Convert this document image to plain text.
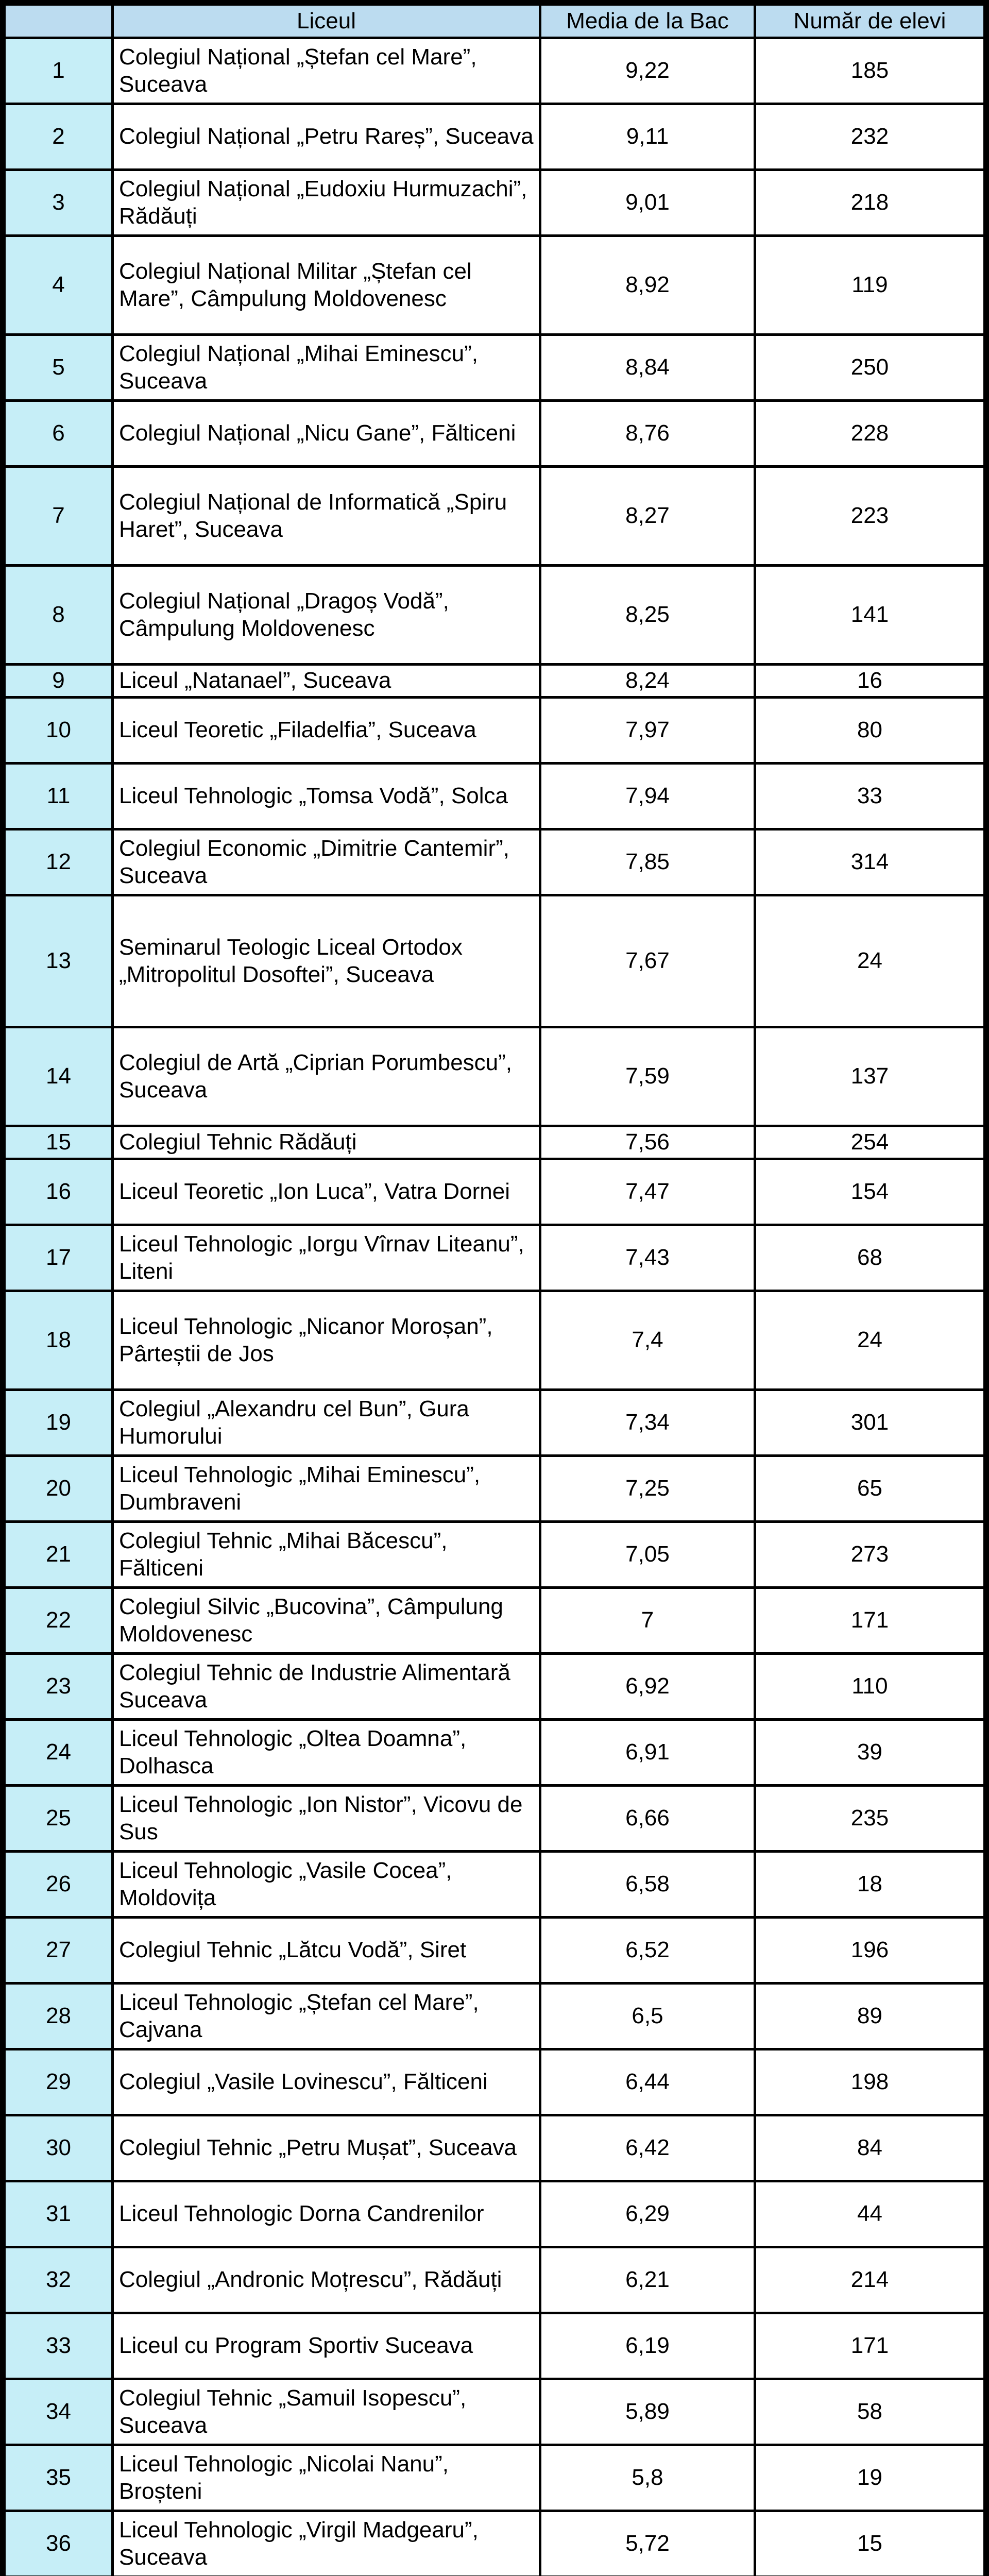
	Liceul	Media de la Bac	Număr de elevi
1	Colegiul Național „Ștefan cel Mare”, Suceava	9,22	185
2	Colegiul Național „Petru Rareș”, Suceava	9,11	232
3	Colegiul Național „Eudoxiu Hurmuzachi”, Rădăuți	9,01	218
4	Colegiul Național Militar „Ștefan cel Mare”, Câmpulung Moldovenesc	8,92	119
5	Colegiul Național „Mihai Eminescu”, Suceava	8,84	250
6	Colegiul Național „Nicu Gane”, Fălticeni	8,76	228
7	Colegiul Național de Informatică „Spiru Haret”, Suceava	8,27	223
8	Colegiul Național „Dragoș Vodă”, Câmpulung Moldovenesc	8,25	141
9	Liceul „Natanael”, Suceava	8,24	16
10	Liceul Teoretic „Filadelfia”, Suceava	7,97	80
11	Liceul Tehnologic „Tomsa Vodă”, Solca	7,94	33
12	Colegiul Economic „Dimitrie Cantemir”, Suceava	7,85	314
13	Seminarul Teologic Liceal Ortodox „Mitropolitul Dosoftei”, Suceava	7,67	24
14	Colegiul de Artă „Ciprian Porumbescu”, Suceava	7,59	137
15	Colegiul Tehnic Rădăuți	7,56	254
16	Liceul Teoretic „Ion Luca”, Vatra Dornei	7,47	154
17	Liceul Tehnologic „Iorgu Vîrnav Liteanu”, Liteni	7,43	68
18	Liceul Tehnologic „Nicanor Moroșan”, Pârteștii de Jos	7,4	24
19	Colegiul „Alexandru cel Bun”, Gura Humorului	7,34	301
20	Liceul Tehnologic „Mihai Eminescu”, Dumbraveni	7,25	65
21	Colegiul Tehnic „Mihai Băcescu”, Fălticeni	7,05	273
22	Colegiul Silvic „Bucovina”, Câmpulung Moldovenesc	7	171
23	Colegiul Tehnic de Industrie Alimentară Suceava	6,92	110
24	Liceul Tehnologic „Oltea Doamna”, Dolhasca	6,91	39
25	Liceul Tehnologic „Ion Nistor”, Vicovu de Sus	6,66	235
26	Liceul Tehnologic „Vasile Cocea”, Moldovița	6,58	18
27	Colegiul Tehnic „Lătcu Vodă”, Siret	6,52	196
28	Liceul Tehnologic „Ștefan cel Mare”, Cajvana	6,5	89
29	Colegiul „Vasile Lovinescu”, Fălticeni	6,44	198
30	Colegiul Tehnic „Petru Mușat”, Suceava	6,42	84
31	Liceul Tehnologic Dorna Candrenilor	6,29	44
32	Colegiul „Andronic Moțrescu”, Rădăuți	6,21	214
33	Liceul cu Program Sportiv Suceava	6,19	171
34	Colegiul Tehnic „Samuil Isopescu”, Suceava	5,89	58
35	Liceul Tehnologic „Nicolai Nanu”, Broșteni	5,8	19
36	Liceul Tehnologic „Virgil Madgearu”, Suceava	5,72	15
